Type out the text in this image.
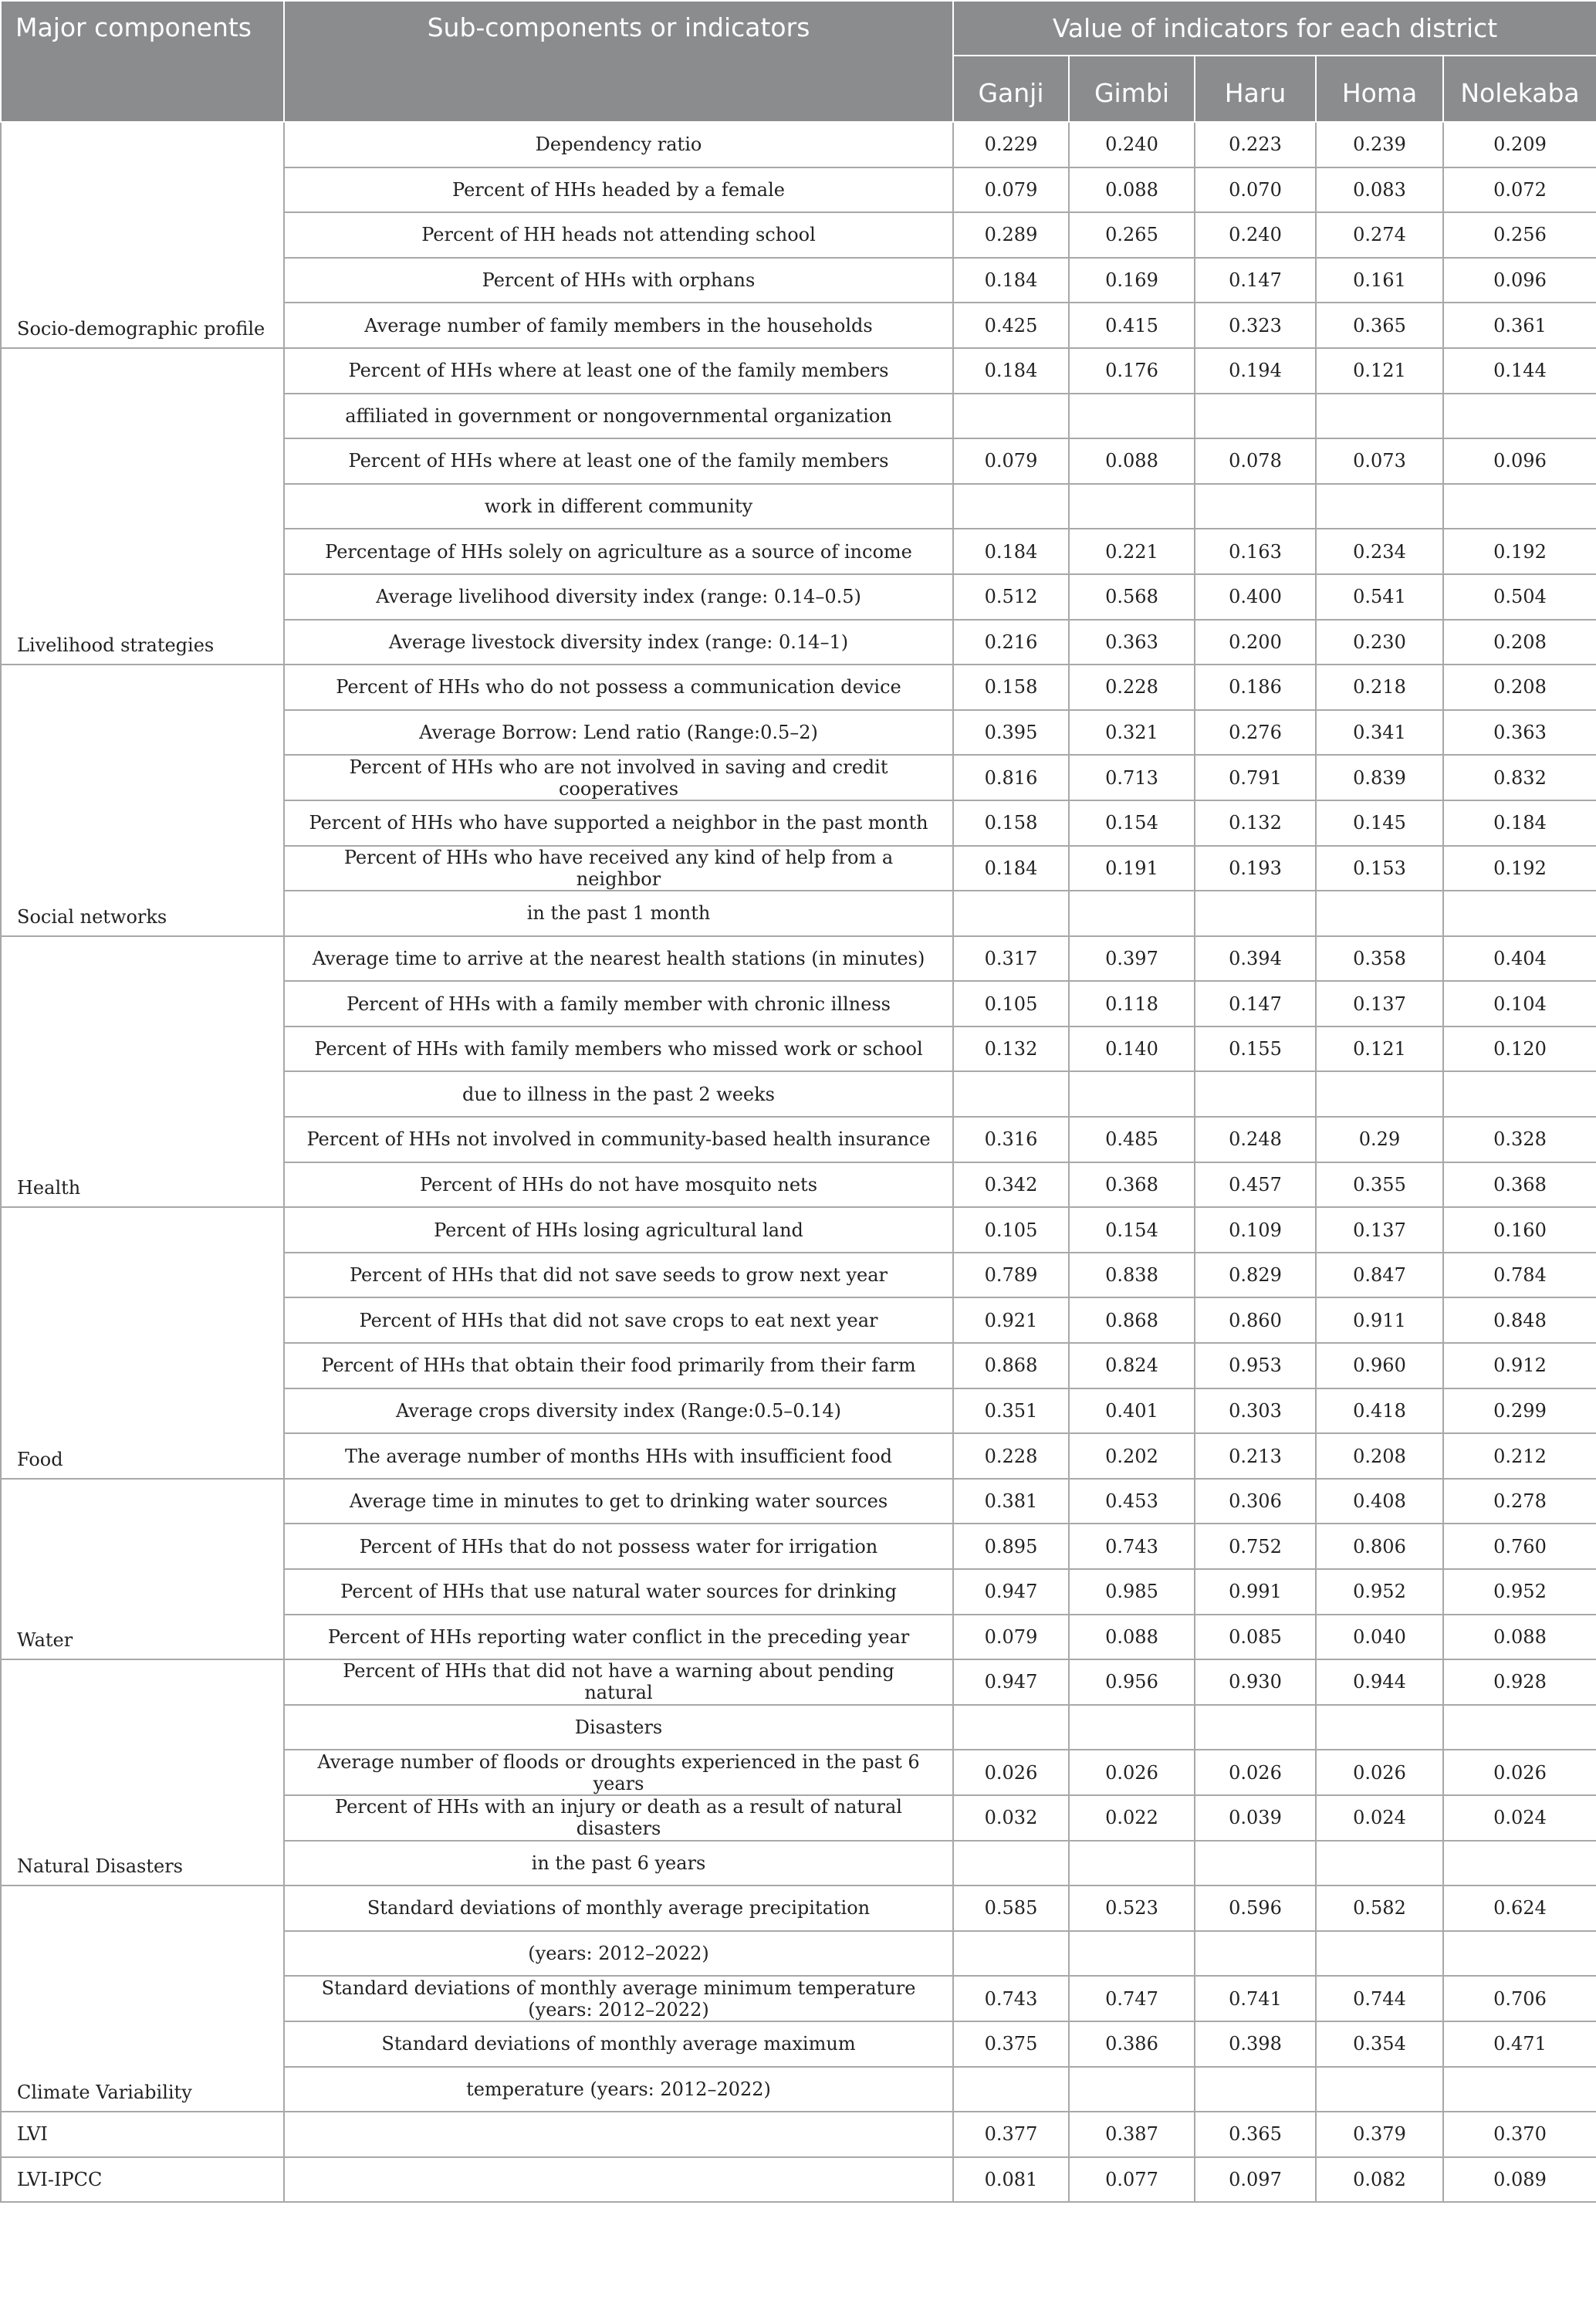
Major components	Sub-components or indicators	Value of indicators for each district				
		Ganji	Gimbi	Haru	Homa	Nolekaba
Socio-demographic profile	Dependency ratio	0.229	0.240	0.223	0.239	0.209
	Percent of HHs headed by a female	0.079	0.088	0.070	0.083	0.072
	Percent of HH heads not attending school	0.289	0.265	0.240	0.274	0.256
	Percent of HHs with orphans	0.184	0.169	0.147	0.161	0.096
	Average number of family members in the households	0.425	0.415	0.323	0.365	0.361
Livelihood strategies	Percent of HHs where at least one of the family members	0.184	0.176	0.194	0.121	0.144
	affiliated in government or nongovernmental organization					
	Percent of HHs where at least one of the family members	0.079	0.088	0.078	0.073	0.096
	work in different community					
	Percentage of HHs solely on agriculture as a source of income	0.184	0.221	0.163	0.234	0.192
	Average livelihood diversity index (range: 0.14–0.5)	0.512	0.568	0.400	0.541	0.504
	Average livestock diversity index (range: 0.14–1)	0.216	0.363	0.200	0.230	0.208
Social networks	Percent of HHs who do not possess a communication device	0.158	0.228	0.186	0.218	0.208
	Average Borrow: Lend ratio (Range:0.5–2)	0.395	0.321	0.276	0.341	0.363
	Percent of HHs who are not involved in saving and credit cooperatives	0.816	0.713	0.791	0.839	0.832
	Percent of HHs who have supported a neighbor in the past month	0.158	0.154	0.132	0.145	0.184
	Percent of HHs who have received any kind of help from a neighbor	0.184	0.191	0.193	0.153	0.192
	in the past 1 month					
Health	Average time to arrive at the nearest health stations (in minutes)	0.317	0.397	0.394	0.358	0.404
	Percent of HHs with a family member with chronic illness	0.105	0.118	0.147	0.137	0.104
	Percent of HHs with family members who missed work or school	0.132	0.140	0.155	0.121	0.120
	due to illness in the past 2 weeks					
	Percent of HHs not involved in community-based health insurance	0.316	0.485	0.248	0.29	0.328
	Percent of HHs do not have mosquito nets	0.342	0.368	0.457	0.355	0.368
Food	Percent of HHs losing agricultural land	0.105	0.154	0.109	0.137	0.160
	Percent of HHs that did not save seeds to grow next year	0.789	0.838	0.829	0.847	0.784
	Percent of HHs that did not save crops to eat next year	0.921	0.868	0.860	0.911	0.848
	Percent of HHs that obtain their food primarily from their farm	0.868	0.824	0.953	0.960	0.912
	Average crops diversity index (Range:0.5–0.14)	0.351	0.401	0.303	0.418	0.299
	The average number of months HHs with insufficient food	0.228	0.202	0.213	0.208	0.212
Water	Average time in minutes to get to drinking water sources	0.381	0.453	0.306	0.408	0.278
	Percent of HHs that do not possess water for irrigation	0.895	0.743	0.752	0.806	0.760
	Percent of HHs that use natural water sources for drinking	0.947	0.985	0.991	0.952	0.952
	Percent of HHs reporting water conflict in the preceding year	0.079	0.088	0.085	0.040	0.088
Natural Disasters	Percent of HHs that did not have a warning about pending natural	0.947	0.956	0.930	0.944	0.928
	Disasters					
	Average number of floods or droughts experienced in the past 6 years	0.026	0.026	0.026	0.026	0.026
	Percent of HHs with an injury or death as a result of natural disasters	0.032	0.022	0.039	0.024	0.024
	in the past 6 years					
Climate Variability	Standard deviations of monthly average precipitation	0.585	0.523	0.596	0.582	0.624
	(years: 2012–2022)					
	Standard deviations of monthly average minimum temperature (years: 2012–2022)	0.743	0.747	0.741	0.744	0.706
	Standard deviations of monthly average maximum	0.375	0.386	0.398	0.354	0.471
	temperature (years: 2012–2022)					
LVI		0.377	0.387	0.365	0.379	0.370
LVI-IPCC		0.081	0.077	0.097	0.082	0.089
